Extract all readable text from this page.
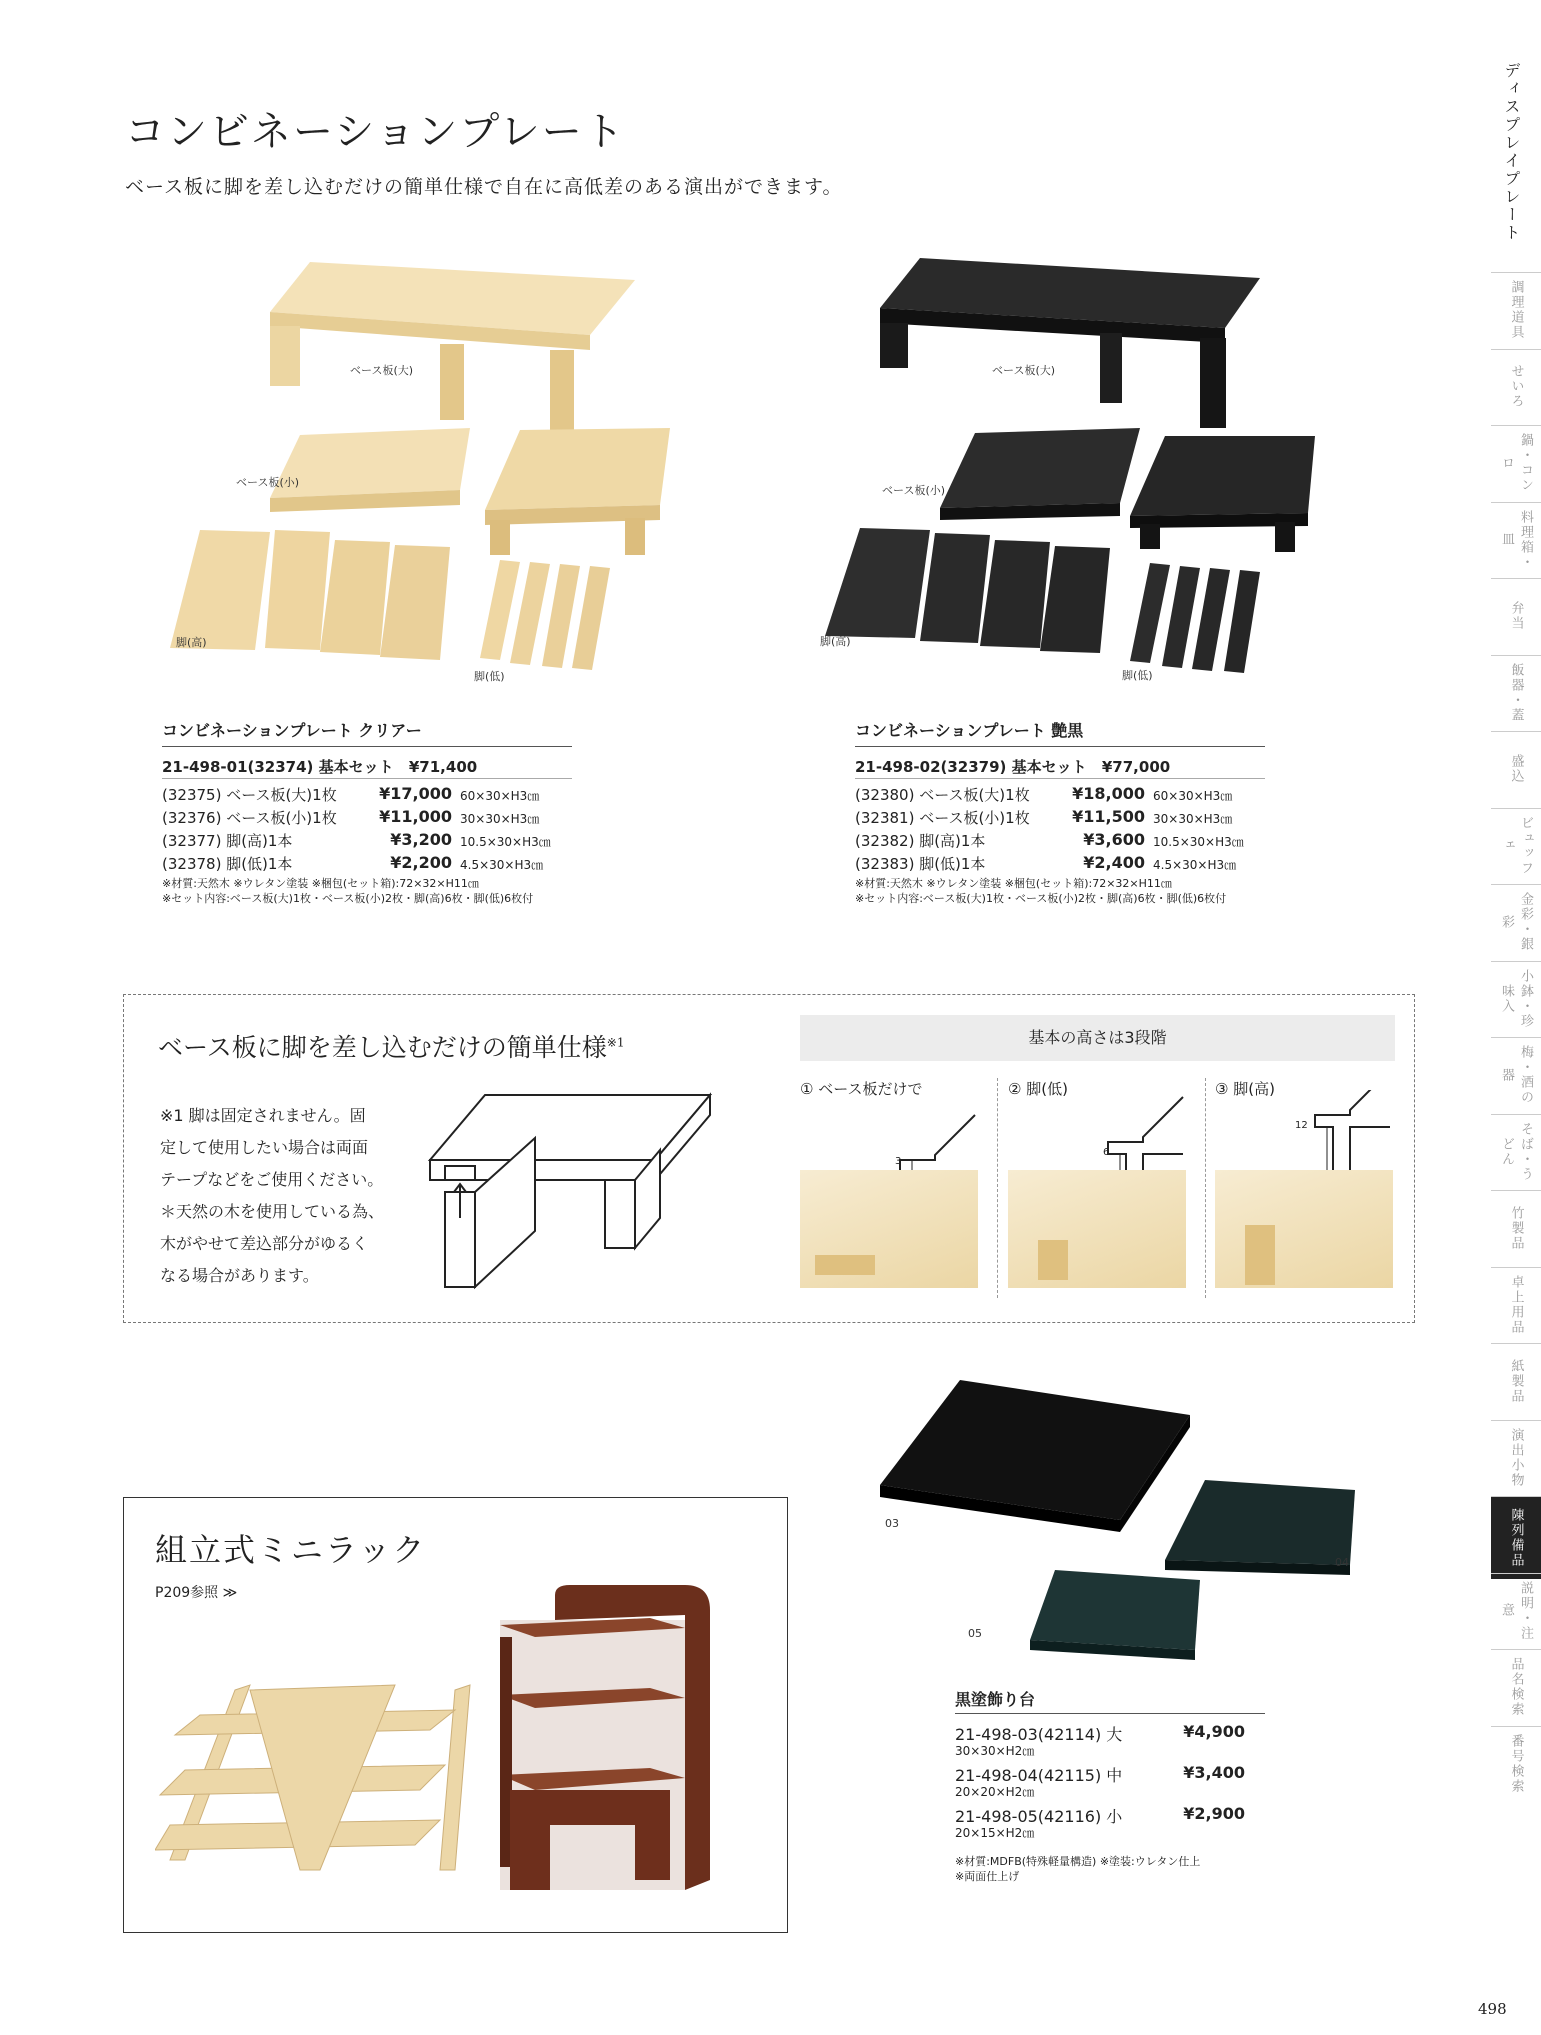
コンビネーションプレート
ベース板に脚を差し込むだけの簡単仕様で自在に高低差のある演出ができます。	ディスプレイプレート
ベース板(大)
ベース板(小)
脚(高)
脚(低)
ベース板(大)
ベース板(小)
脚(高)
脚(低)
コンビネーションプレート クリアー
21-498-01(32374) 基本セット ¥71,400
(32375) ベース板(大)1枚	¥17,000 60×30×H3㎝
(32376) ベース板(小)1枚	¥11,000 30×30×H3㎝
(32377) 脚(高)1本	¥3,200 10.5×30×H3㎝
(32378) 脚(低)1本	¥2,200 4.5×30×H3㎝
※材質:天然木 ※ウレタン塗装 ※梱包(セット箱):72×32×H11㎝
※セット内容:ベース板(大)1枚・ベース板(小)2枚・脚(高)6枚・脚(低)6枚付
コンビネーションプレート 艶黒
21-498-02(32379) 基本セット ¥77,000
(32380) ベース板(大)1枚	¥18,000 60×30×H3㎝
(32381) ベース板(小)1枚	¥11,500 30×30×H3㎝
(32382) 脚(高)1本	¥3,600 10.5×30×H3㎝
(32383) 脚(低)1本	¥2,400 4.5×30×H3㎝
※材質:天然木 ※ウレタン塗装 ※梱包(セット箱):72×32×H11㎝
※セット内容:ベース板(大)1枚・ベース板(小)2枚・脚(高)6枚・脚(低)6枚付
ベース板に脚を差し込むだけの簡単仕様$^{※1}$
※1 脚は固定されません。固
定して使用したい場合は両面
テープなどをご使用ください。
＊天然の木を使用している為、
木がやせて差込部分がゆるく
なる場合があります。
基本の高さは3段階
① ベース板だけで
3
② 脚(低)
6
③ 脚(高)
12
組立式ミニラック
P209参照 ≫
03
04
05
黒塗飾り台
21-498-03(42114) 大	¥4,900
30×30×H2㎝
21-498-04(42115) 中	¥3,400
20×20×H2㎝
21-498-05(42116) 小	¥2,900
20×15×H2㎝
※材質:MDFB(特殊軽量構造) ※塗装:ウレタン仕上
※両面仕上げ
調理道具
せいろ
鍋・コンロ
料理箱・皿
弁当
飯器・蓋
盛込
ビュッフェ
金彩・銀彩
小鉢・珍味入
梅・酒の器
そば・うどん
竹製品
卓上用品
紙製品
演出小物
陳列備品
説明・注意
品名検索
番号検索
498
